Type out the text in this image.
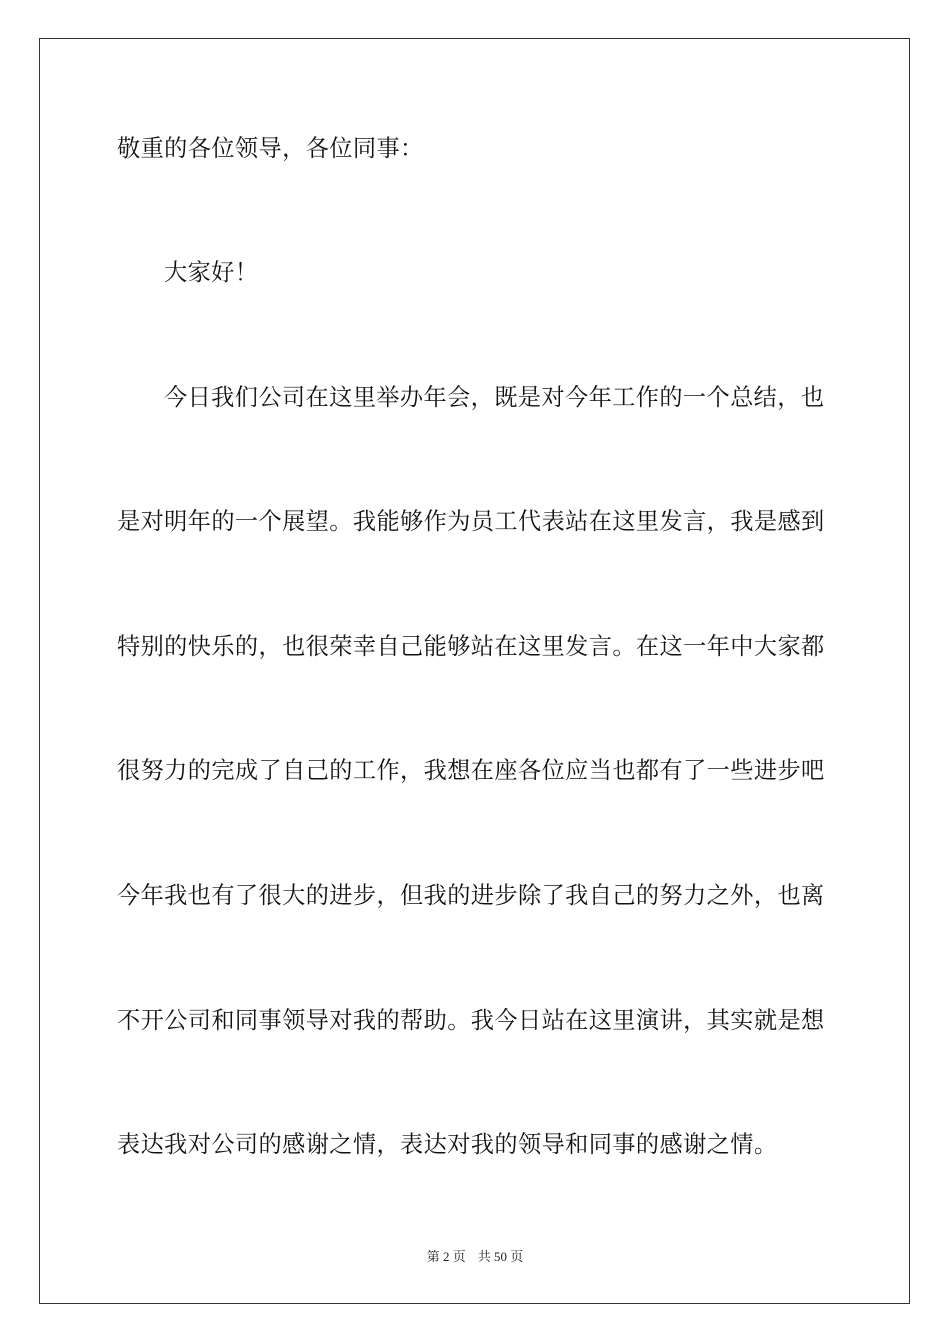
敬重的各位领导，各位同事：
大家好！
今日我们公司在这里举办年会，既是对今年工作的一个总结，也
是对明年的一个展望。我能够作为员工代表站在这里发言，我是感到
特别的快乐的，也很荣幸自己能够站在这里发言。在这一年中大家都
很努力的完成了自己的工作，我想在座各位应当也都有了一些进步吧
今年我也有了很大的进步，但我的进步除了我自己的努力之外，也离
不开公司和同事领导对我的帮助。我今日站在这里演讲，其实就是想
表达我对公司的感谢之情，表达对我的领导和同事的感谢之情。
第 2 页 共 50 页
